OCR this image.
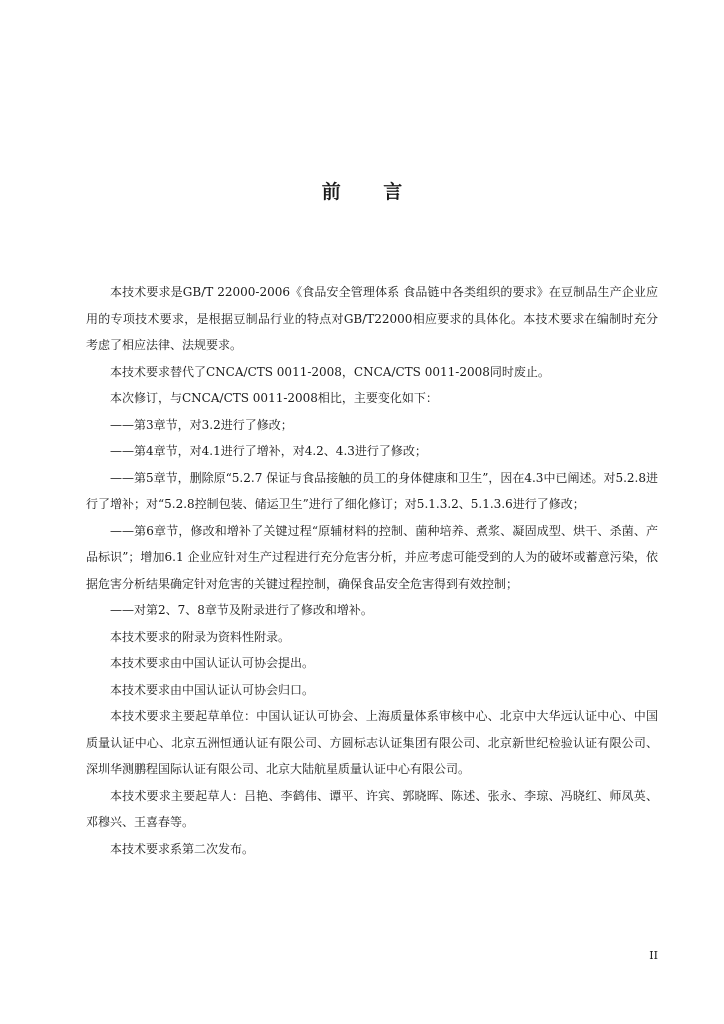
前 言

本技术要求是GB/T 22000-2006《食品安全管理体系 食品链中各类组织的要求》在豆制品生产企业应用的专项技术要求，是根据豆制品行业的特点对GB/T22000相应要求的具体化。本技术要求在编制时充分考虑了相应法律、法规要求。

本技术要求替代了CNCA/CTS 0011-2008，CNCA/CTS 0011-2008同时废止。

本次修订，与CNCA/CTS 0011-2008相比，主要变化如下：

——第3章节，对3.2进行了修改；

——第4章节，对4.1进行了增补，对4.2、4.3进行了修改；

——第5章节，删除原“5.2.7 保证与食品接触的员工的身体健康和卫生”，因在4.3中已阐述。对5.2.8进行了增补；对“5.2.8控制包装、储运卫生”进行了细化修订；对5.1.3.2、5.1.3.6进行了修改；

——第6章节，修改和增补了关键过程“原辅材料的控制、菌种培养、煮浆、凝固成型、烘干、杀菌、产品标识”；增加6.1 企业应针对生产过程进行充分危害分析，并应考虑可能受到的人为的破坏或蓄意污染，依据危害分析结果确定针对危害的关键过程控制，确保食品安全危害得到有效控制；

——对第2、7、8章节及附录进行了修改和增补。

本技术要求的附录为资料性附录。

本技术要求由中国认证认可协会提出。

本技术要求由中国认证认可协会归口。

本技术要求主要起草单位：中国认证认可协会、上海质量体系审核中心、北京中大华远认证中心、中国质量认证中心、北京五洲恒通认证有限公司、方圆标志认证集团有限公司、北京新世纪检验认证有限公司、深圳华测鹏程国际认证有限公司、北京大陆航星质量认证中心有限公司。

本技术要求主要起草人：吕艳、李鹤伟、谭平、许宾、郭晓晖、陈述、张永、李琼、冯晓红、师凤英、邓穆兴、王喜春等。

本技术要求系第二次发布。

II
